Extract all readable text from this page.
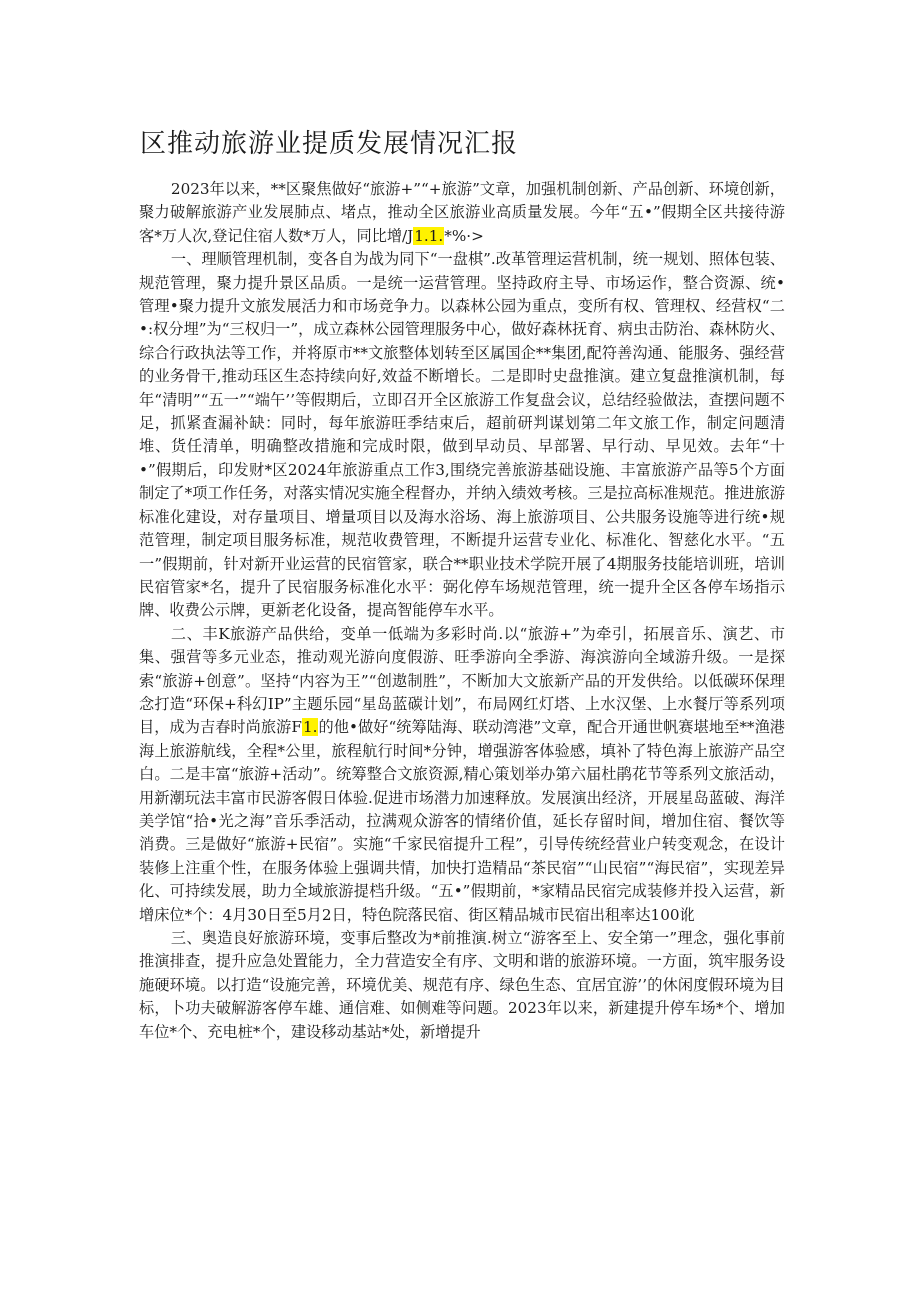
区推动旅游业提质发展情况汇报

2023年以来，**区聚焦做好“旅游+”“+旅游”文章，加强机制创新、产品创新、环境创新，聚力破解旅游产业发展肺点、堵点，推动全区旅游业高质量发展。今年“五•”假期全区共接待游客*万人次,登记住宿人数*万人，同比增/J1.1.*%·>

一、理顺管理机制，变各自为战为同下“一盘棋”.改革管理运营机制，统一规划、照体包装、规范管理，聚力提升景区品质。一是统一运营管理。坚持政府主导、市场运作，整合资源、统•管理•聚力提升文旅发展活力和市场竞争力。以森林公园为重点，变所有权、管理权、经营权“二•:权分埋”为“三权归一”，成立森林公园管理服务中心，做好森林抚育、病虫击防治、森林防火、综合行政执法等工作，并将原市**文旅整体划转至区属国企**集团,配符善沟通、能服务、强经营的业务骨干,推动珏区生态持续向好,效益不断增长。二是即时史盘推演。建立复盘推演机制，每年“清明”“五一”“端午’’等假期后，立即召开全区旅游工作复盘会议，总结经验做法，查摆问题不足，抓紧査漏补缺：同时，每年旅游旺季结束后，超前研判谋划第二年文旅工作，制定问题清堆、货任清单，明确整改措施和完成时限，做到早动员、早部署、早行动、早见效。去年“十•”假期后，印发财*区2024年旅游重点工作3,围绕完善旅游基础设施、丰富旅游产品等5个方面制定了*项工作任务，对落实情况实施全程督办，并纳入绩效考核。三是拉高标准规范。推进旅游标准化建设，对存量项目、增量项目以及海水浴场、海上旅游项目、公共服务设施等进行统•规范管理，制定项目服务标准，规范收费管理，不断提升运营专业化、标准化、智慈化水平。“五一”假期前，针对新开业运营的民宿管家，联合**职业技术学院开展了4期服务技能培训班，培训民宿管家*名，提升了民宿服务标准化水平：弼化停车场规范管理，统一提升全区各停车场指示牌、收费公示牌，更新老化设备，提高智能停车水平。

二、丰K旅游产品供给，变单一低端为多彩时尚.以“旅游+”为牵引，拓展音乐、演艺、市集、强营等多元业态，推动观光游向度假游、旺季游向全季游、海滨游向全域游升级。一是探索“旅游+创意”。坚持“内容为王”“创遨制胜”，不断加大文旅新产品的开发供给。以低碳环保理念打造“环保+科幻IP”主题乐园“星岛蓝碳计划”，布局网红灯塔、上水汉堡、上水餐厅等系列项目，成为吉春时尚旅游F1.的他•做好“统筹陆海、联动湾港”文章，配合开通世帆赛堪地至**渔港海上旅游航线，全程*公里，旅程航行时间*分钟，增强游客体验感，填补了特色海上旅游产品空白。二是丰富“旅游+活动”。统筹整合文旅资源,精心策划举办第六届杜鹃花节等系列文旅活动，用新潮玩法丰富市民游客假日体验.促进市场潜力加速释放。发展演出经济，开展星岛蓝破、海洋美学馆“拾•光之海”音乐季活动，拉满观众游客的情绪价值，延长存留时间，增加住宿、餐饮等消费。三是做好“旅游+民宿”。实施“千家民宿提升工程”，引导传统经营业户转变观念，在设计装修上注重个性，在服务体验上强调共情，加快打造精品“茶民宿”“山民宿”“海民宿”，实现差异化、可持续发展，助力全域旅游提档升级。“五•”假期前，*家精品民宿完成装修并投入运营，新增床位*个：4月30日至5月2日，特色院落民宿、街区精品城市民宿出租率达100讹

三、奥造良好旅游环境，变事后整改为*前推演.树立“游客至上、安全第一”理念，强化事前推演排查，提升应急处置能力，全力营造安全有序、文明和谐的旅游环境。一方面，筑牢服务设施硬环境。以打造“设施完善，环境优美、规范有序、绿色生态、宜居宜游’’的休闲度假环境为目标，卜功夫破解游客停车雄、通信难、如侧难等问题。2023年以来，新建提升停车场*个、增加车位*个、充电桩*个，建设移动基站*处，新增提升
